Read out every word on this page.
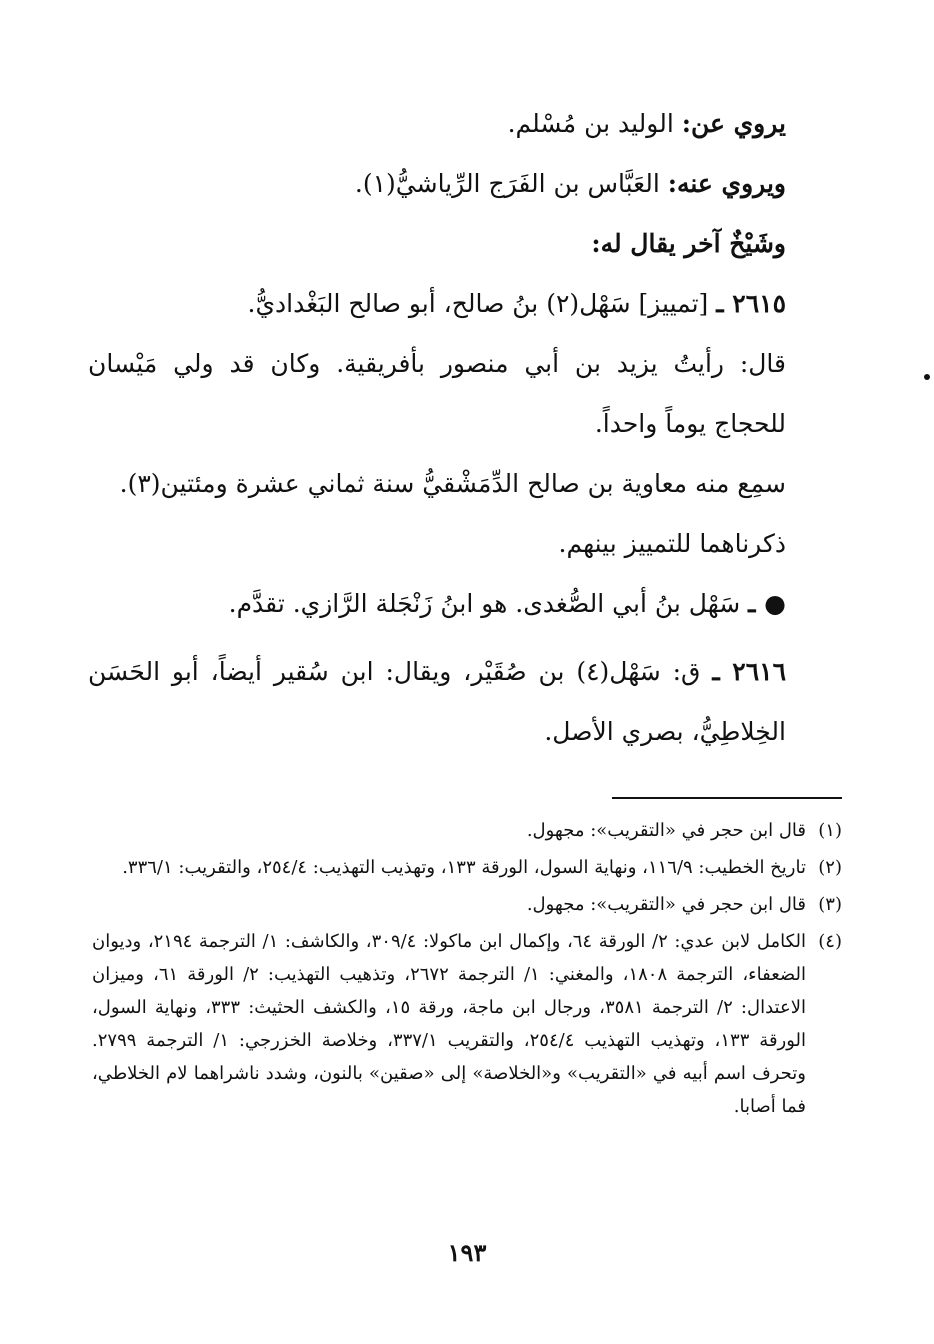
يروي عن: الوليد بن مُسْلم.

ويروي عنه: العَبَّاس بن الفَرَج الرِّياشيُّ(١).

وشَيْخٌ آخر يقال له:

٢٦١٥ ـ [تمييز] سَهْل(٢) بنُ صالح، أبو صالح البَغْداديُّ.

قال: رأيتُ يزيد بن أبي منصور بأفريقية. وكان قد ولي مَيْسان للحجاج يوماً واحداً.

سمِع منه معاوية بن صالح الدِّمَشْقيُّ سنة ثماني عشرة ومئتين(٣).

ذكرناهما للتمييز بينهم.

● ـ سَهْل بنُ أبي الصُّغدى. هو ابنُ زَنْجَلة الرَّازي. تقدَّم.

٢٦١٦ ـ ق: سَهْل(٤) بن صُقَيْر، ويقال: ابن سُقير أيضاً، أبو الحَسَن الخِلاطِيُّ، بصري الأصل.

(١)
قال ابن حجر في «التقريب»: مجهول.
(٢)
تاريخ الخطيب: ١١٦/٩، ونهاية السول، الورقة ١٣٣، وتهذيب التهذيب: ٢٥٤/٤، والتقريب: ٣٣٦/١.
(٣)
قال ابن حجر في «التقريب»: مجهول.
(٤)
الكامل لابن عدي: ٢/ الورقة ٦٤، وإكمال ابن ماكولا: ٣٠٩/٤، والكاشف: ١/ الترجمة ٢١٩٤، وديوان الضعفاء، الترجمة ١٨٠٨، والمغني: ١/ الترجمة ٢٦٧٢، وتذهيب التهذيب: ٢/ الورقة ٦١، وميزان الاعتدال: ٢/ الترجمة ٣٥٨١، ورجال ابن ماجة، ورقة ١٥، والكشف الحثيث: ٣٣٣، ونهاية السول، الورقة ١٣٣، وتهذيب التهذيب ٢٥٤/٤، والتقريب ٣٣٧/١، وخلاصة الخزرجي: ١/ الترجمة ٢٧٩٩. وتحرف اسم أبيه في «التقريب» و«الخلاصة» إلى «صقين» بالنون، وشدد ناشراهما لام الخلاطي، فما أصابا.
١٩٣
